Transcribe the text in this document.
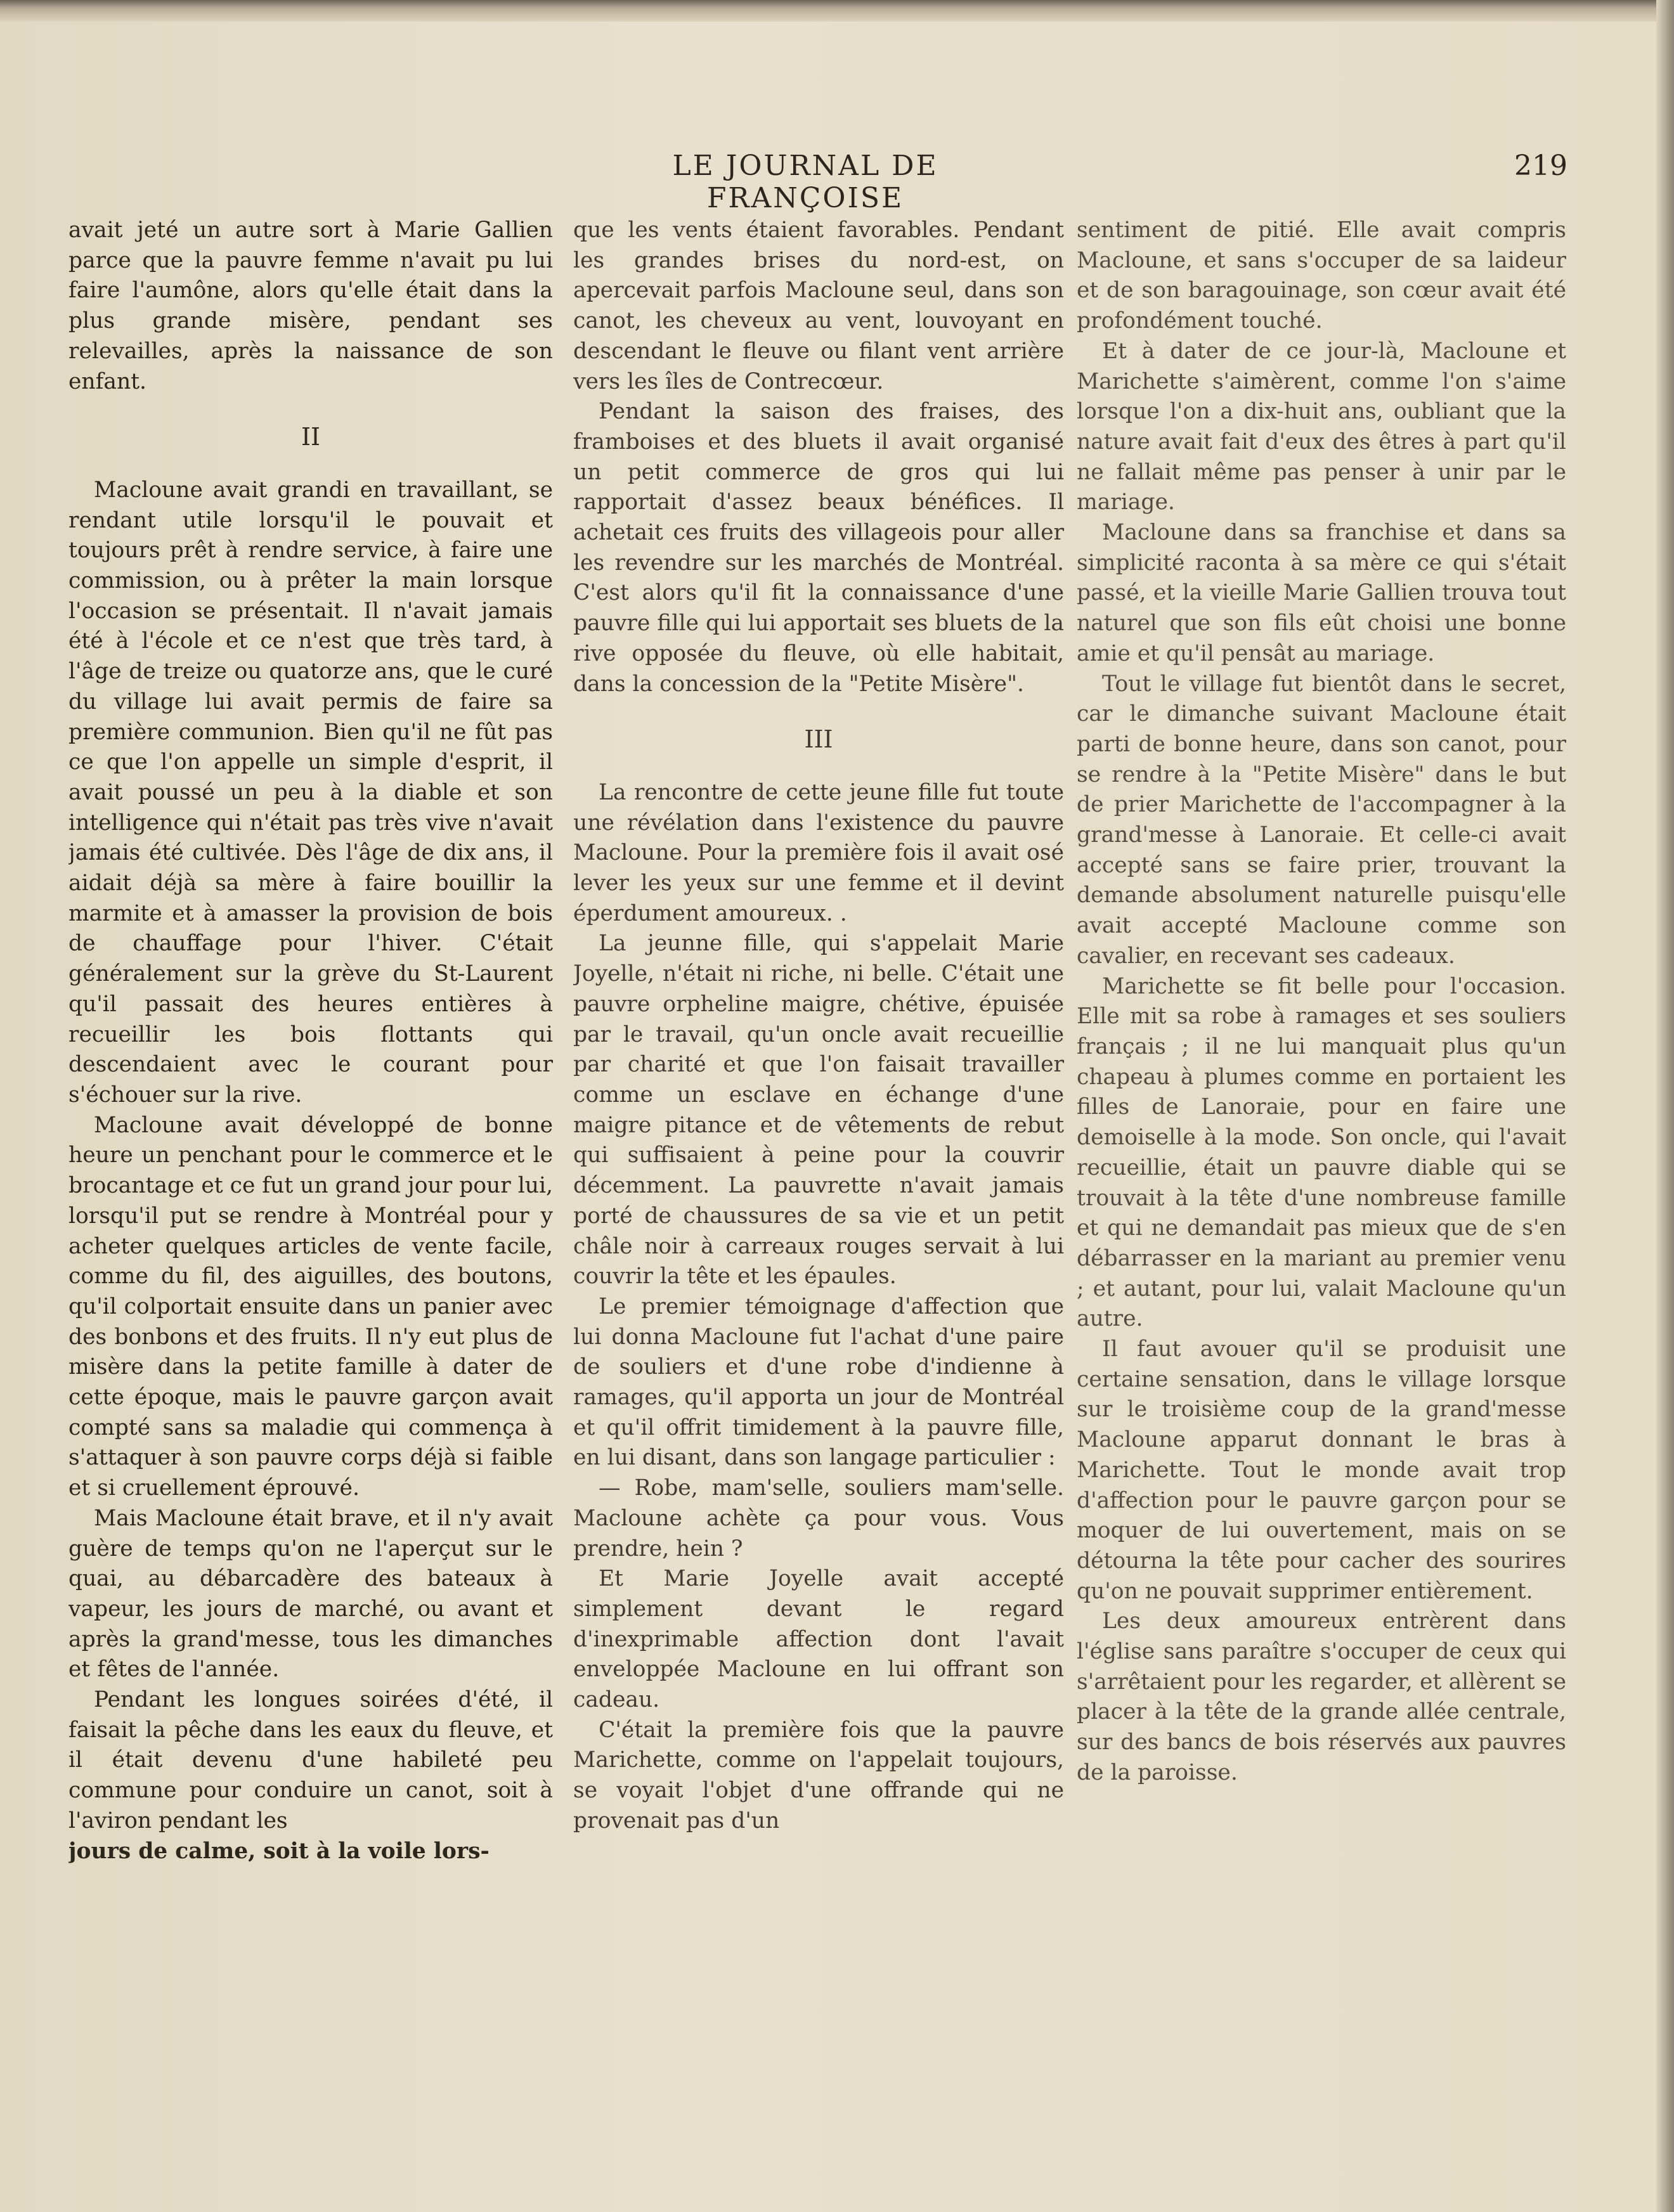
LE JOURNAL DE FRANÇOISE
219

avait jeté un autre sort à Marie Gallien parce que la pauvre femme n'avait pu lui faire l'aumône, alors qu'elle était dans la plus grande misère, pendant ses relevailles, après la naissance de son enfant.

II

Macloune avait grandi en travaillant, se rendant utile lorsqu'il le pouvait et toujours prêt à rendre service, à faire une commission, ou à prêter la main lorsque l'occasion se présentait. Il n'avait jamais été à l'école et ce n'est que très tard, à l'âge de treize ou quatorze ans, que le curé du village lui avait permis de faire sa première communion. Bien qu'il ne fût pas ce que l'on appelle un simple d'esprit, il avait poussé un peu à la diable et son intelligence qui n'était pas très vive n'avait jamais été cultivée. Dès l'âge de dix ans, il aidait déjà sa mère à faire bouillir la marmite et à amasser la provision de bois de chauffage pour l'hiver. C'était généralement sur la grève du St-Laurent qu'il passait des heures entières à recueillir les bois flottants qui descendaient avec le courant pour s'échouer sur la rive.

Macloune avait développé de bonne heure un penchant pour le commerce et le brocantage et ce fut un grand jour pour lui, lorsqu'il put se rendre à Montréal pour y acheter quelques articles de vente facile, comme du fil, des aiguilles, des boutons, qu'il colportait ensuite dans un panier avec des bonbons et des fruits. Il n'y eut plus de misère dans la petite famille à dater de cette époque, mais le pauvre garçon avait compté sans sa maladie qui commença à s'attaquer à son pauvre corps déjà si faible et si cruellement éprouvé.

Mais Macloune était brave, et il n'y avait guère de temps qu'on ne l'aperçut sur le quai, au débarcadère des bateaux à vapeur, les jours de marché, ou avant et après la grand'messe, tous les dimanches et fêtes de l'année.

Pendant les longues soirées d'été, il faisait la pêche dans les eaux du fleuve, et il était devenu d'une habileté peu commune pour conduire un canot, soit à l'aviron pendant les

jours de calme, soit à la voile lors-

que les vents étaient favorables. Pendant les grandes brises du nord-est, on apercevait parfois Macloune seul, dans son canot, les cheveux au vent, louvoyant en descendant le fleuve ou filant vent arrière vers les îles de Contrecœur.

Pendant la saison des fraises, des framboises et des bluets il avait organisé un petit commerce de gros qui lui rapportait d'assez beaux bénéfices. Il achetait ces fruits des villageois pour aller les revendre sur les marchés de Montréal. C'est alors qu'il fit la connaissance d'une pauvre fille qui lui apportait ses bluets de la rive opposée du fleuve, où elle habitait, dans la concession de la "Petite Misère".

III

La rencontre de cette jeune fille fut toute une révélation dans l'existence du pauvre Macloune. Pour la première fois il avait osé lever les yeux sur une femme et il devint éperdument amoureux. .

La jeunne fille, qui s'appelait Marie Joyelle, n'était ni riche, ni belle. C'était une pauvre orpheline maigre, chétive, épuisée par le travail, qu'un oncle avait recueillie par charité et que l'on faisait travailler comme un esclave en échange d'une maigre pitance et de vêtements de rebut qui suffisaient à peine pour la couvrir décemment. La pauvrette n'avait jamais porté de chaussures de sa vie et un petit châle noir à carreaux rouges servait à lui couvrir la tête et les épaules.

Le premier témoignage d'affection que lui donna Macloune fut l'achat d'une paire de souliers et d'une robe d'indienne à ramages, qu'il apporta un jour de Montréal et qu'il offrit timidement à la pauvre fille, en lui disant, dans son langage particulier :

— Robe, mam'selle, souliers mam'selle. Macloune achète ça pour vous. Vous prendre, hein ?

Et Marie Joyelle avait accepté simplement devant le regard d'inexprimable affection dont l'avait enveloppée Macloune en lui offrant son cadeau.

C'était la première fois que la pauvre Marichette, comme on l'appelait toujours, se voyait l'objet d'une offrande qui ne provenait pas d'un

sentiment de pitié. Elle avait compris Macloune, et sans s'occuper de sa laideur et de son baragouinage, son cœur avait été profondément touché.

Et à dater de ce jour-là, Macloune et Marichette s'aimèrent, comme l'on s'aime lorsque l'on a dix-huit ans, oubliant que la nature avait fait d'eux des êtres à part qu'il ne fallait même pas penser à unir par le mariage.

Macloune dans sa franchise et dans sa simplicité raconta à sa mère ce qui s'était passé, et la vieille Marie Gallien trouva tout naturel que son fils eût choisi une bonne amie et qu'il pensât au mariage.

Tout le village fut bientôt dans le secret, car le dimanche suivant Macloune était parti de bonne heure, dans son canot, pour se rendre à la "Petite Misère" dans le but de prier Marichette de l'accompagner à la grand'messe à Lanoraie. Et celle-ci avait accepté sans se faire prier, trouvant la demande absolument naturelle puisqu'elle avait accepté Macloune comme son cavalier, en recevant ses cadeaux.

Marichette se fit belle pour l'occasion. Elle mit sa robe à ramages et ses souliers français ; il ne lui manquait plus qu'un chapeau à plumes comme en portaient les filles de Lanoraie, pour en faire une demoiselle à la mode. Son oncle, qui l'avait recueillie, était un pauvre diable qui se trouvait à la tête d'une nombreuse famille et qui ne demandait pas mieux que de s'en débarrasser en la mariant au premier venu ; et autant, pour lui, valait Macloune qu'un autre.

Il faut avouer qu'il se produisit une certaine sensation, dans le village lorsque sur le troisième coup de la grand'messe Macloune apparut donnant le bras à Marichette. Tout le monde avait trop d'affection pour le pauvre garçon pour se moquer de lui ouvertement, mais on se détourna la tête pour cacher des sourires qu'on ne pouvait supprimer entièrement.

Les deux amoureux entrèrent dans l'église sans paraître s'occuper de ceux qui s'arrêtaient pour les regarder, et allèrent se placer à la tête de la grande allée centrale, sur des bancs de bois réservés aux pauvres de la paroisse.
